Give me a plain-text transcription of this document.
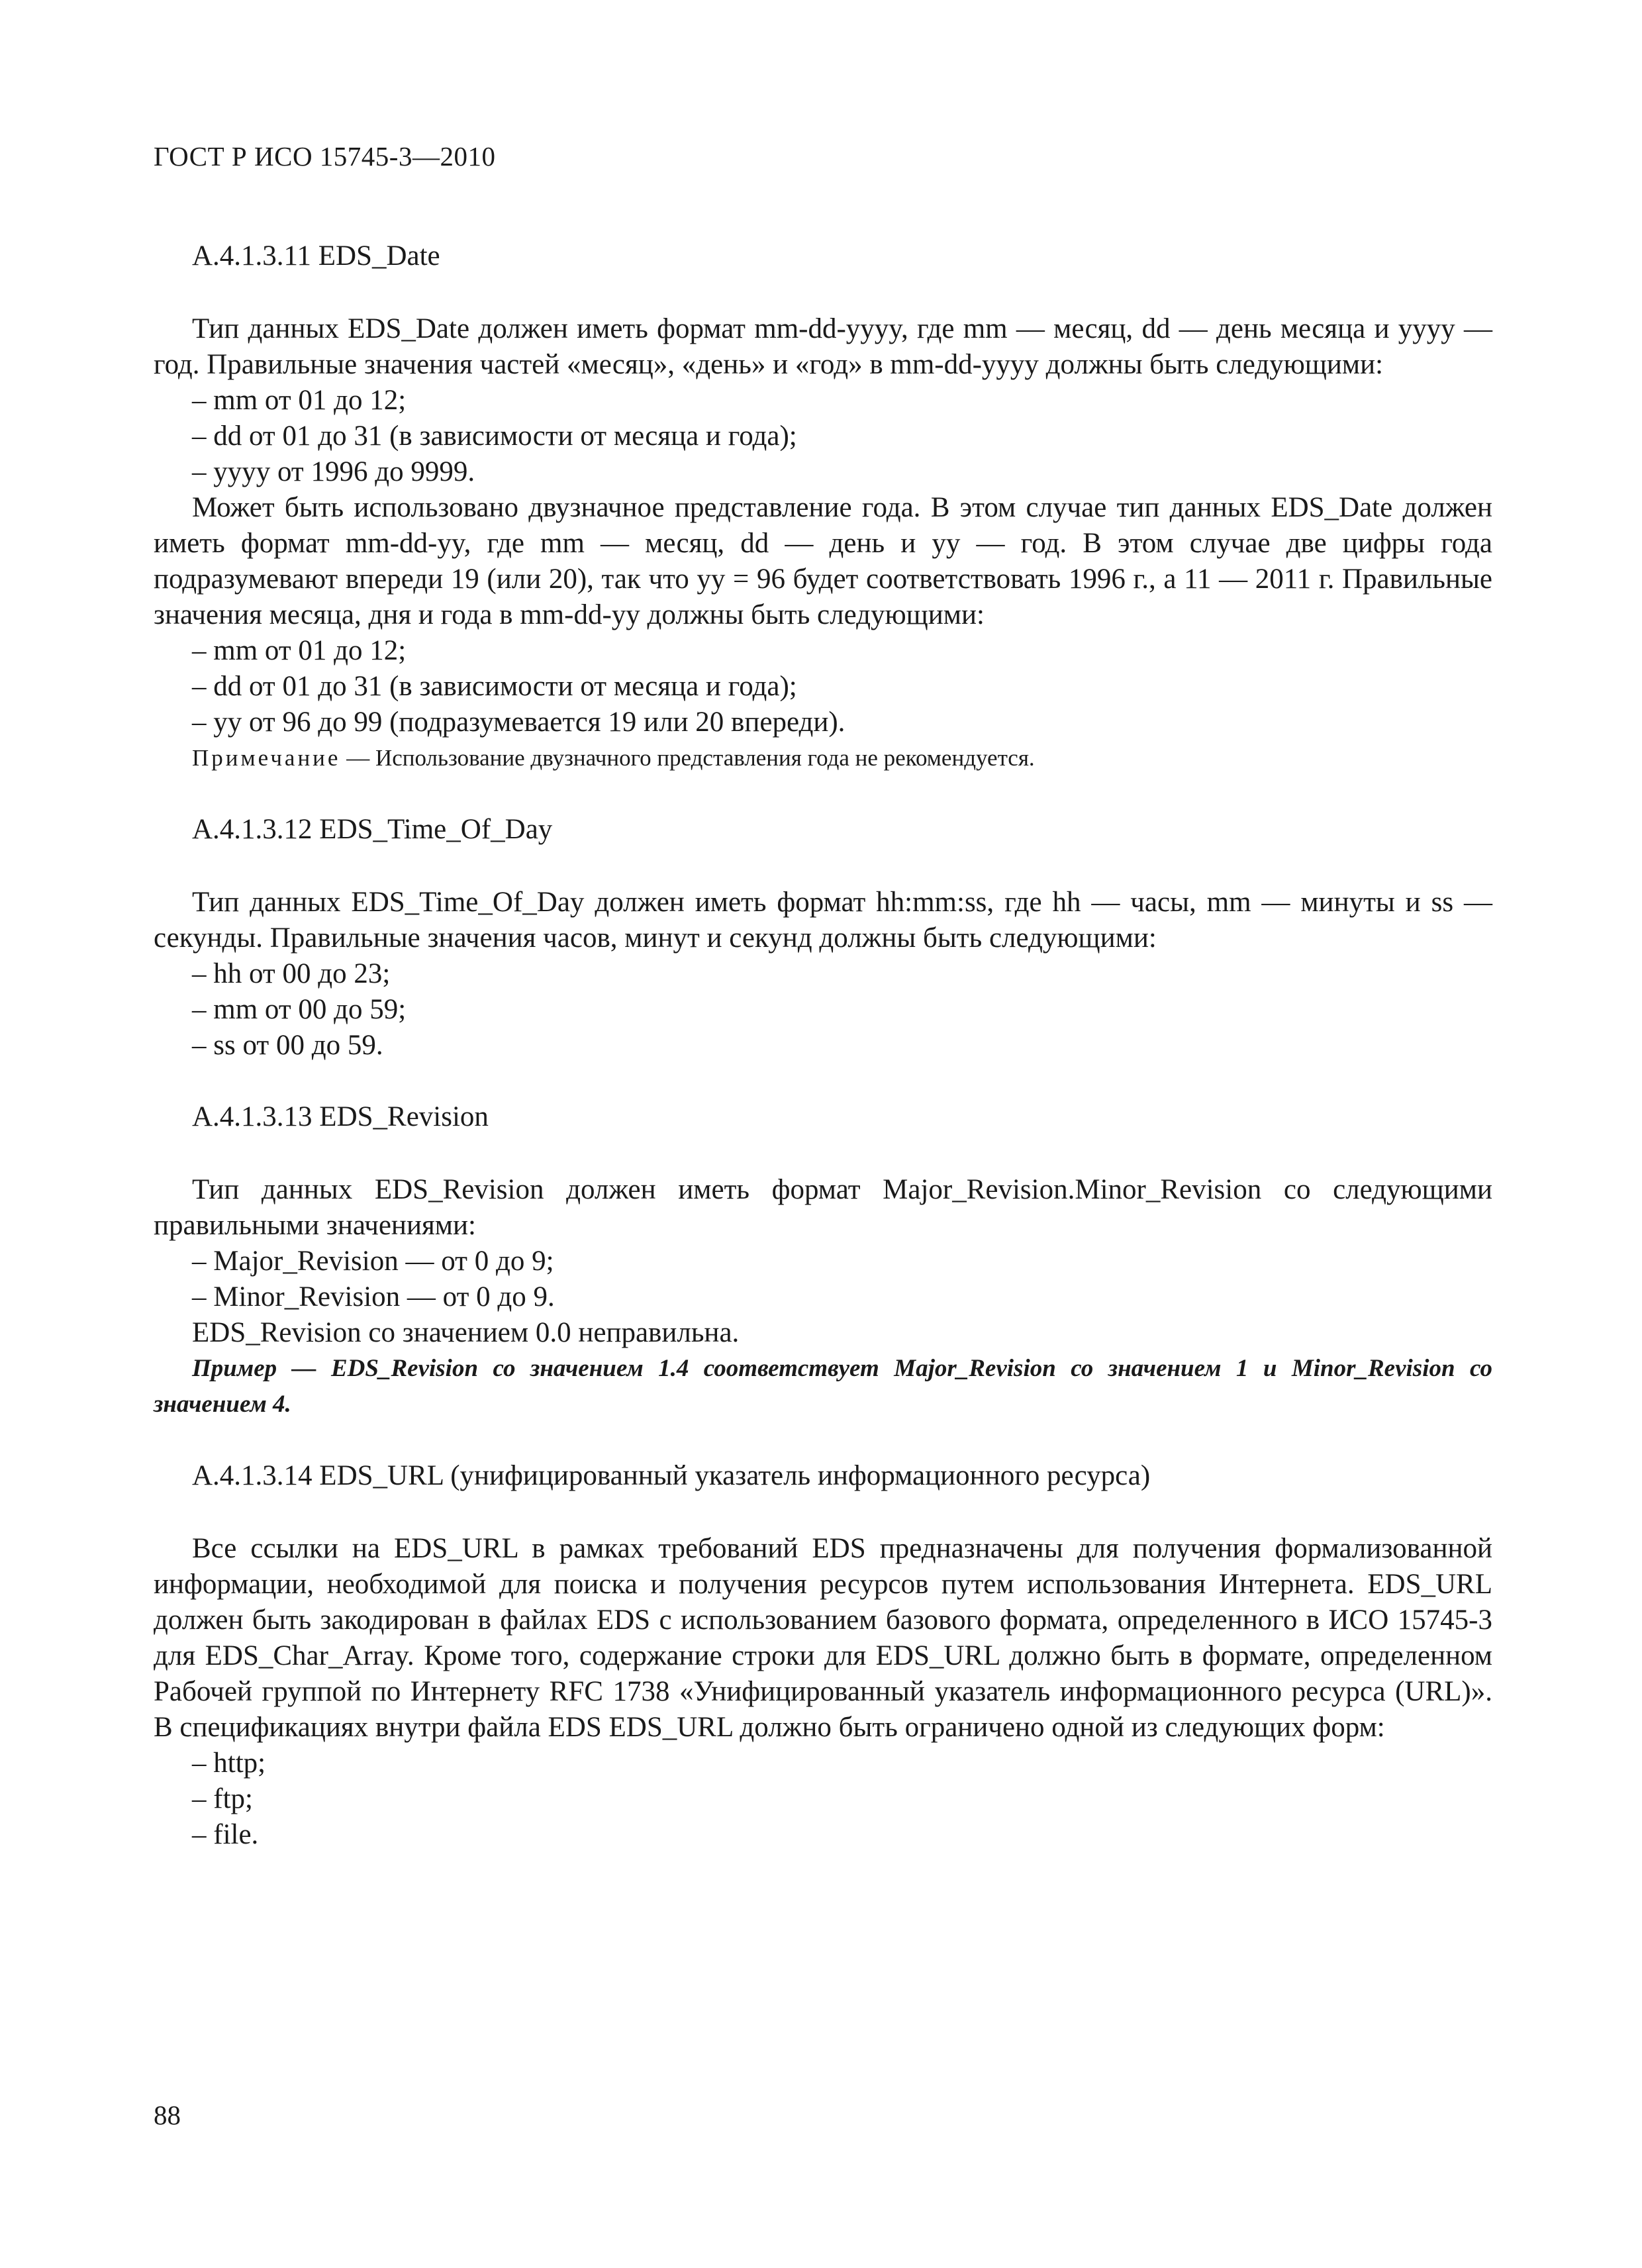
ГОСТ Р ИСО 15745-3—2010

A.4.1.3.11 EDS_Date

Тип данных EDS_Date должен иметь формат mm-dd-yyyy, где mm — месяц, dd — день месяца и yyyy — год. Правильные значения частей «месяц», «день» и «год» в mm-dd-yyyy должны быть следующими:

– mm от 01 до 12;

– dd от 01 до 31 (в зависимости от месяца и года);

– yyyy от 1996 до 9999.

Может быть использовано двузначное представление года. В этом случае тип данных EDS_Date должен иметь формат mm-dd-yy, где mm — месяц, dd — день и yy — год. В этом случае две цифры года подразумевают впереди 19 (или 20), так что yy = 96 будет соответствовать 1996 г., а 11 — 2011 г. Правильные значения месяца, дня и года в mm-dd-yy должны быть следующими:

– mm от 01 до 12;

– dd от 01 до 31 (в зависимости от месяца и года);

– yy от 96 до 99 (подразумевается 19 или 20 впереди).

Примечание — Использование двузначного представления года не рекомендуется.

A.4.1.3.12 EDS_Time_Of_Day

Тип данных EDS_Time_Of_Day должен иметь формат hh:mm:ss, где hh — часы, mm — минуты и ss — секунды. Правильные значения часов, минут и секунд должны быть следующими:

– hh от 00 до 23;

– mm от 00 до 59;

– ss от 00 до 59.

A.4.1.3.13 EDS_Revision

Тип данных EDS_Revision должен иметь формат Major_Revision.Minor_Revision со следующими правильными значениями:

– Major_Revision — от 0 до 9;

– Minor_Revision — от 0 до 9.

EDS_Revision со значением 0.0 неправильна.

Пример — EDS_Revision со значением 1.4 соответствует Major_Revision со значением 1 и Minor_Revision со значением 4.

A.4.1.3.14 EDS_URL (унифицированный указатель информационного ресурса)

Все ссылки на EDS_URL в рамках требований EDS предназначены для получения формализованной информации, необходимой для поиска и получения ресурсов путем использования Интернета. EDS_URL должен быть закодирован в файлах EDS с использованием базового формата, определенного в ИСО 15745-3 для EDS_Char_Array. Кроме того, содержание строки для EDS_URL должно быть в формате, определенном Рабочей группой по Интернету RFC 1738 «Унифицированный указатель информационного ресурса (URL)». В спецификациях внутри файла EDS EDS_URL должно быть ограничено одной из следующих форм:

– http;

– ftp;

– file.

88
